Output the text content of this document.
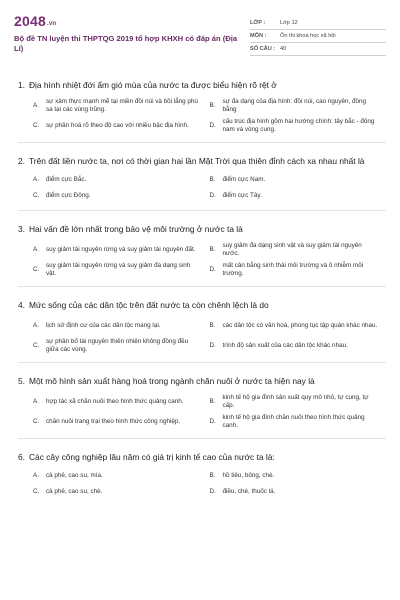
2048.vn
Bộ đề TN luyện thi THPTQG 2019 tổ hợp KHXH có đáp án (Địa Lí)
LỚP :	Lớp 12
MÔN :	Ôn thi khoa học xã hội
SỐ CÂU : 40
1. Địa hình nhiệt đới ẩm gió mùa của nước ta được biểu hiện rõ rệt ở
A.
sự xâm thực mạnh mẽ tại miền đồi núi và bồi lắng phù sa tại các vùng trũng.
B.
sự đa dạng của địa hình: đồi núi, cao nguyên, đồng bằng
C.	sự phân hoá rõ theo độ cao với nhiều bậc địa hình.	D.
cấu trúc địa hình gồm hai hướng chính: tây bắc - đông nam và vòng cung.
2. Trên đất liền nước ta, nơi có thời gian hai lần Mặt Trời qua thiên đỉnh cách xa nhau nhất là
A.	điểm cực Bắc.	B.	điểm cực Nam.
C.	điểm cực Đông.	D.	điểm cực Tây.
3. Hai vấn đề lớn nhất trong bảo vệ môi trường ở nước ta là
A.	suy giảm tài nguyên rừng và suy giảm tài nguyên đất.	B.
suy giảm đa dạng sinh vật và suy giảm tài nguyên nước.
C.
suy giảm tài nguyên rừng và suy giảm đa dạng sinh vật.
D.
mất cân bằng sinh thái môi trường và ô nhiễm môi trường.
4. Mức sống của các dân tộc trên đất nước ta còn chênh lệch là do
A.	lịch sử định cư của các dân tộc mang lại.	B.	các dân tộc có văn hoá, phong tục tập quán khác nhau.
C.
sự phân bố tài nguyên thiên nhiên không đồng đều giữa các vùng.
D.	trình độ sản xuất của các dân tộc khác nhau.
5. Một mô hình sản xuất hàng hoá trong ngành chăn nuôi ở nước ta hiện nay là
A.	hợp tác xã chăn nuôi theo hình thức quảng canh.	B.
kinh tế hộ gia đình sản xuất quy mô nhỏ, tự cung, tự cấp.
C.	chăn nuôi trang trại theo hình thức công nghiệp.	D.
kinh tế hộ gia đình chăn nuôi theo hình thức quảng canh.
6. Các cây công nghiệp lâu năm có giá trị kinh tế cao của nước ta là:
A.	cà phê, cao su, mía.	B.	hồ tiêu, bông, chè.
C.	cà phê, cao su, chè.	D.	điều, chè, thuốc lá.
